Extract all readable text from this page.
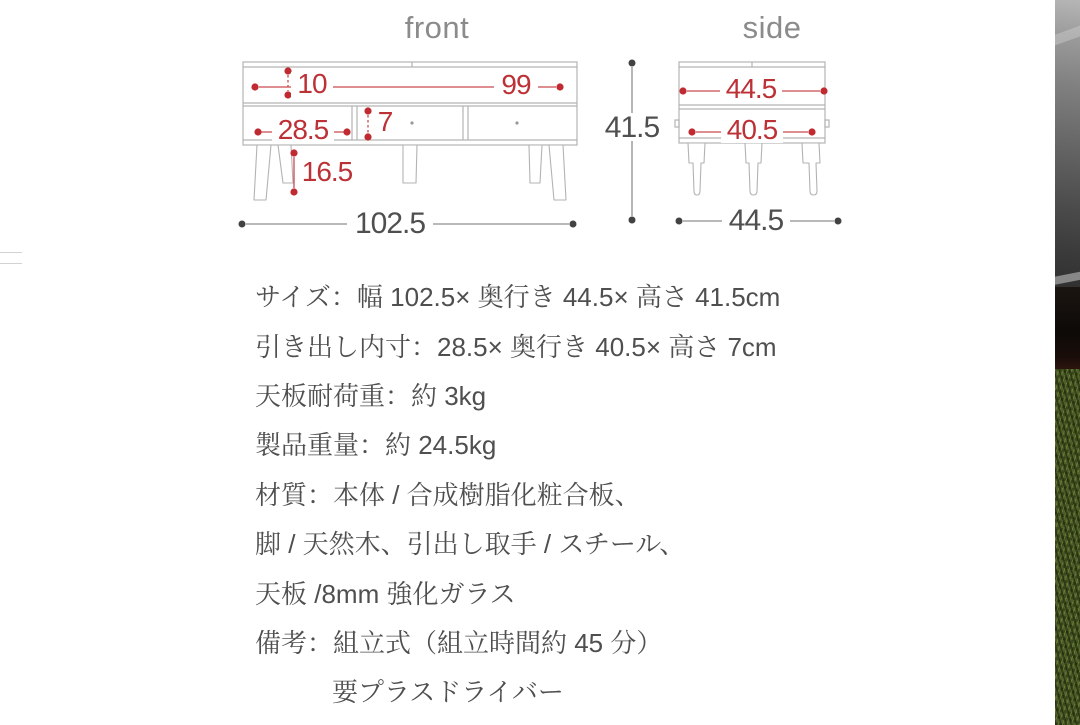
front	side
10	99
28.5 7
16.5
102.5
41.5
44.5
40.5
44.5
サイズ：幅 102.5× 奥行き 44.5× 高さ 41.5cm
引き出し内寸：28.5× 奥行き 40.5× 高さ 7cm
天板耐荷重：約 3kg
製品重量：約 24.5kg
材質：本体 / 合成樹脂化粧合板、
脚 / 天然木、引出し取手 / スチール、
天板 /8mm 強化ガラス
備考：組立式（組立時間約 45 分）
要プラスドライバー
